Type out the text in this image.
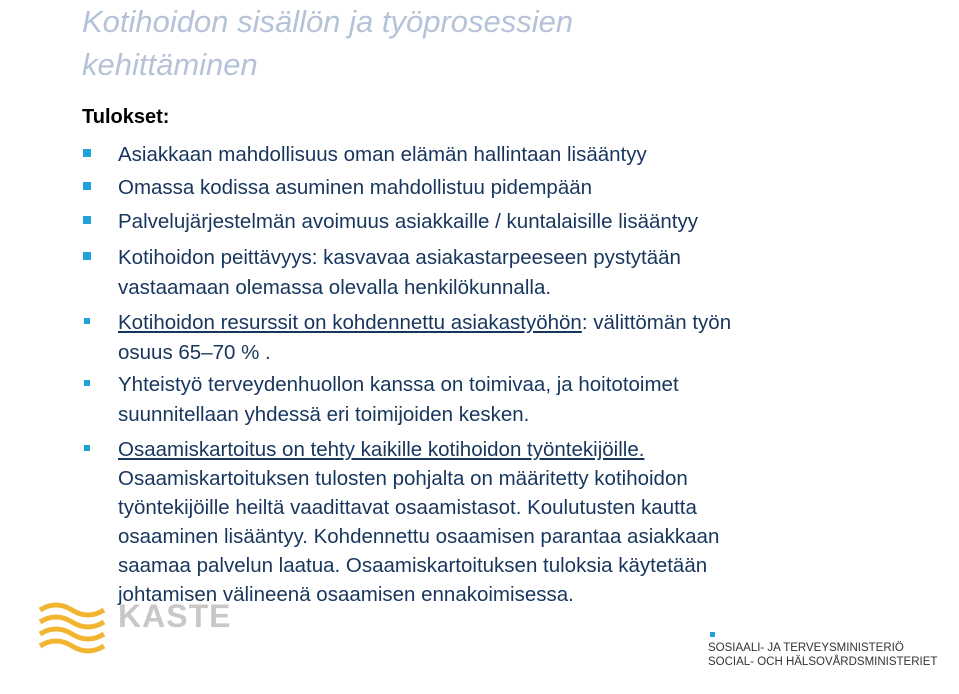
Kotihoidon sisällön ja työprosessien
kehittäminen
Tulokset:
Asiakkaan mahdollisuus oman elämän hallintaan lisääntyy
Omassa kodissa asuminen mahdollistuu pidempään
Palvelujärjestelmän avoimuus asiakkaille / kuntalaisille lisääntyy
Kotihoidon peittävyys: kasvavaa asiakastarpeeseen pystytään
vastaamaan olemassa olevalla henkilökunnalla.
Kotihoidon resurssit on kohdennettu asiakastyöhön: välittömän työn
osuus 65–70 % .
Yhteistyö terveydenhuollon kanssa on toimivaa, ja hoitotoimet
suunnitellaan yhdessä eri toimijoiden kesken.
Osaamiskartoitus on tehty kaikille kotihoidon työntekijöille.
Osaamiskartoituksen tulosten pohjalta on määritetty kotihoidon
työntekijöille heiltä vaadittavat osaamistasot. Koulutusten kautta
osaaminen lisääntyy. Kohdennettu osaamisen parantaa asiakkaan
saamaa palvelun laatua. Osaamiskartoituksen tuloksia käytetään
johtamisen välineenä osaamisen ennakoimisessa.
KASTE
SOSIAALI- JA TERVEYSMINISTERIÖ
SOCIAL- OCH HÄLSOVÅRDSMINISTERIET
